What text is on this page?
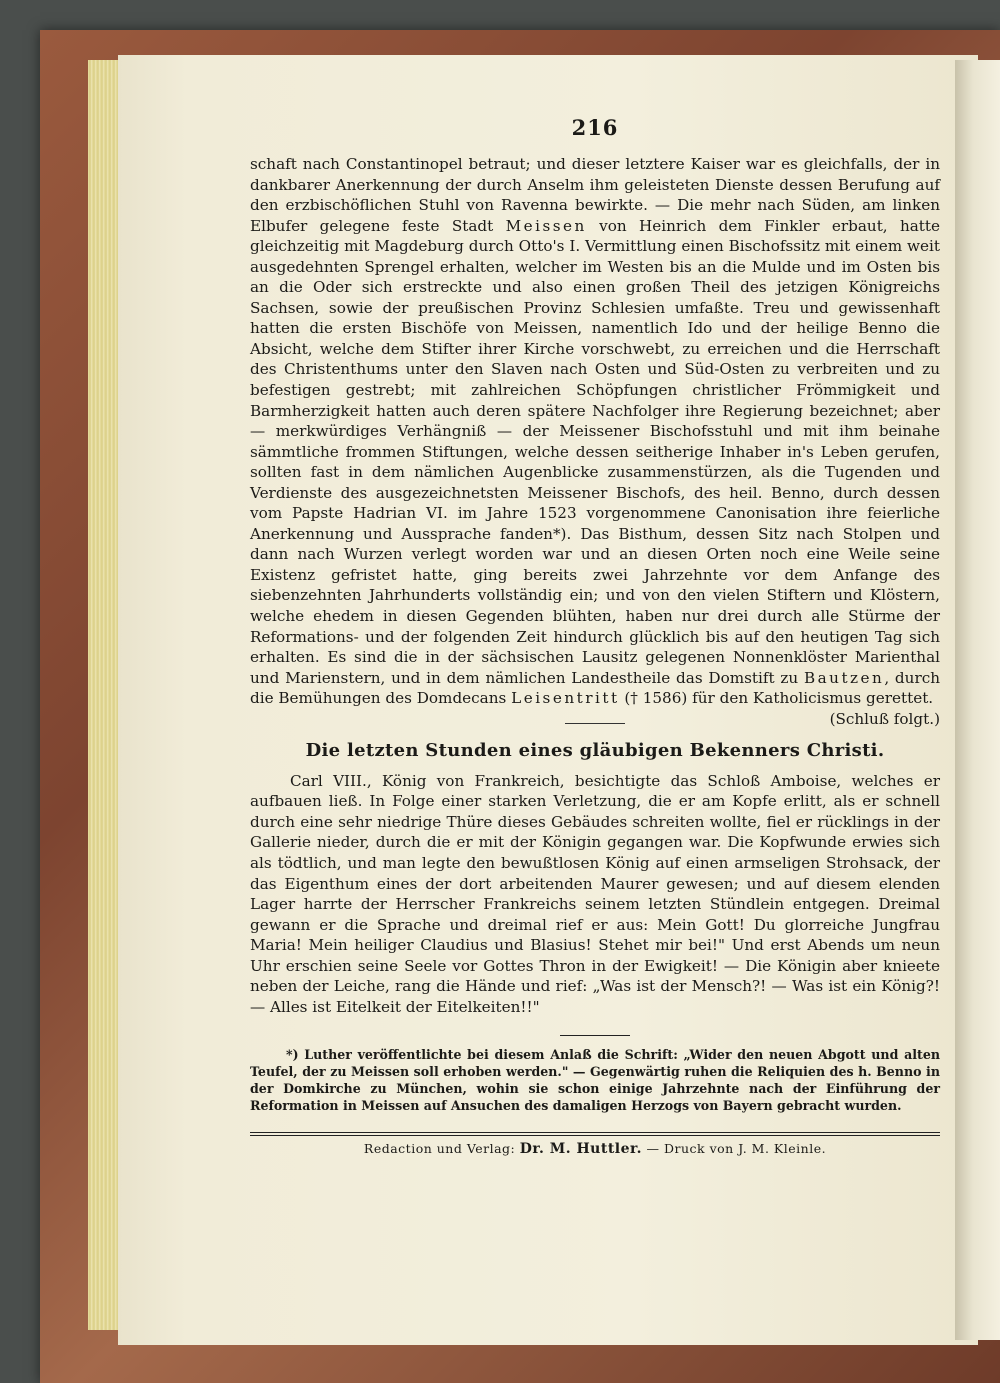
216

schaft nach Constantinopel betraut; und dieser letztere Kaiser war es gleichfalls, der in dankbarer Anerkennung der durch Anselm ihm geleisteten Dienste dessen Berufung auf den erzbischöflichen Stuhl von Ravenna bewirkte. — Die mehr nach Süden, am linken Elbufer gelegene feste Stadt Meissen von Heinrich dem Finkler erbaut, hatte gleichzeitig mit Magdeburg durch Otto's I. Vermittlung einen Bischofssitz mit einem weit ausgedehnten Sprengel erhalten, welcher im Westen bis an die Mulde und im Osten bis an die Oder sich erstreckte und also einen großen Theil des jetzigen Königreichs Sachsen, sowie der preußischen Provinz Schlesien umfaßte. Treu und gewissenhaft hatten die ersten Bischöfe von Meissen, namentlich Ido und der heilige Benno die Absicht, welche dem Stifter ihrer Kirche vorschwebt, zu erreichen und die Herrschaft des Christenthums unter den Slaven nach Osten und Süd-Osten zu verbreiten und zu befestigen gestrebt; mit zahlreichen Schöpfungen christlicher Frömmigkeit und Barmherzigkeit hatten auch deren spätere Nachfolger ihre Regierung bezeichnet; aber — merkwürdiges Verhängniß — der Meissener Bischofsstuhl und mit ihm beinahe sämmtliche frommen Stiftungen, welche dessen seitherige Inhaber in's Leben gerufen, sollten fast in dem nämlichen Augenblicke zusammenstürzen, als die Tugenden und Verdienste des ausgezeichnetsten Meissener Bischofs, des heil. Benno, durch dessen vom Papste Hadrian VI. im Jahre 1523 vorgenommene Canonisation ihre feierliche Anerkennung und Aussprache fanden*). Das Bisthum, dessen Sitz nach Stolpen und dann nach Wurzen verlegt worden war und an diesen Orten noch eine Weile seine Existenz gefristet hatte, ging bereits zwei Jahrzehnte vor dem Anfange des siebenzehnten Jahrhunderts vollständig ein; und von den vielen Stiftern und Klöstern, welche ehedem in diesen Gegenden blühten, haben nur drei durch alle Stürme der Reformations- und der folgenden Zeit hindurch glücklich bis auf den heutigen Tag sich erhalten. Es sind die in der sächsischen Lausitz gelegenen Nonnenklöster Marienthal und Marienstern, und in dem nämlichen Landestheile das Domstift zu Bautzen, durch die Bemühungen des Domdecans Leisentritt († 1586) für den Katholicismus gerettet.
(Schluß folgt.)

Die letzten Stunden eines gläubigen Bekenners Christi.

Carl VIII., König von Frankreich, besichtigte das Schloß Amboise, welches er aufbauen ließ. In Folge einer starken Verletzung, die er am Kopfe erlitt, als er schnell durch eine sehr niedrige Thüre dieses Gebäudes schreiten wollte, fiel er rücklings in der Gallerie nieder, durch die er mit der Königin gegangen war. Die Kopfwunde erwies sich als tödtlich, und man legte den bewußtlosen König auf einen armseligen Strohsack, der das Eigenthum eines der dort arbeitenden Maurer gewesen; und auf diesem elenden Lager harrte der Herrscher Frankreichs seinem letzten Stündlein entgegen. Dreimal gewann er die Sprache und dreimal rief er aus: Mein Gott! Du glorreiche Jungfrau Maria! Mein heiliger Claudius und Blasius! Stehet mir bei!" Und erst Abends um neun Uhr erschien seine Seele vor Gottes Thron in der Ewigkeit! — Die Königin aber knieete neben der Leiche, rang die Hände und rief: „Was ist der Mensch?! — Was ist ein König?! — Alles ist Eitelkeit der Eitelkeiten!!"

*) Luther veröffentlichte bei diesem Anlaß die Schrift: „Wider den neuen Abgott und alten Teufel, der zu Meissen soll erhoben werden." — Gegenwärtig ruhen die Reliquien des h. Benno in der Domkirche zu München, wohin sie schon einige Jahrzehnte nach der Einführung der Reformation in Meissen auf Ansuchen des damaligen Herzogs von Bayern gebracht wurden.

Redaction und Verlag: Dr. M. Huttler. — Druck von J. M. Kleinle.
